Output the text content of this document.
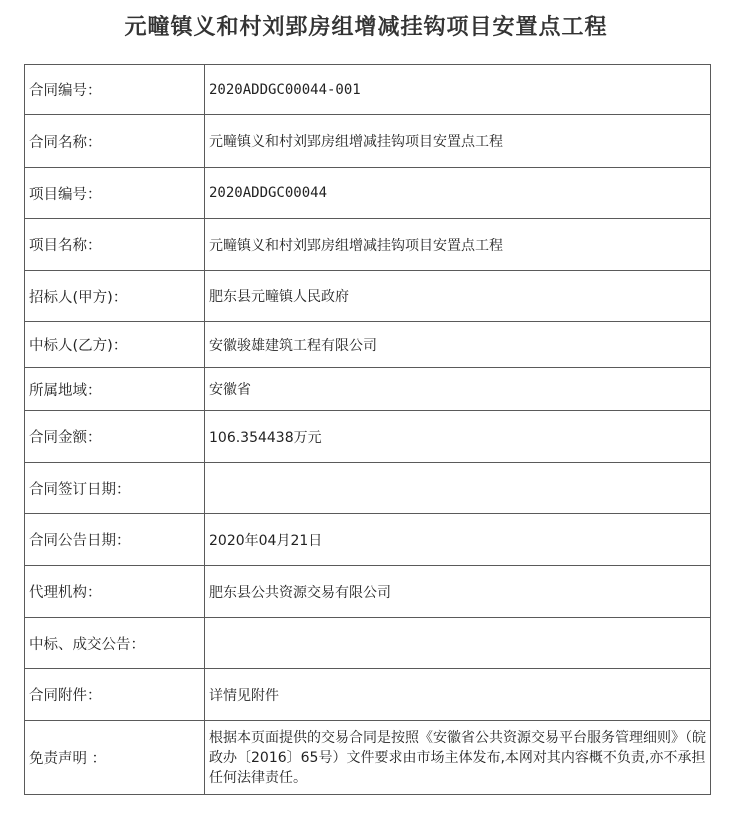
元疃镇义和村刘郢房组增减挂钩项目安置点工程
合同编号：	2020ADDGC00044-001
合同名称：	元疃镇义和村刘郢房组增减挂钩项目安置点工程
项目编号：	2020ADDGC00044
项目名称：	元疃镇义和村刘郢房组增减挂钩项目安置点工程
招标人(甲方)：	肥东县元疃镇人民政府
中标人(乙方)：	安徽骏雄建筑工程有限公司
所属地域：	安徽省
合同金额：	106.354438万元
合同签订日期：	
合同公告日期：	2020年04月21日
代理机构：	肥东县公共资源交易有限公司
中标、成交公告：	
合同附件：	详情见附件
免责声明 ：	根据本页面提供的交易合同是按照《安徽省公共资源交易平台服务管理细则》（皖政办〔2016〕65号）文件要求由市场主体发布,本网对其内容概不负责,亦不承担任何法律责任。
